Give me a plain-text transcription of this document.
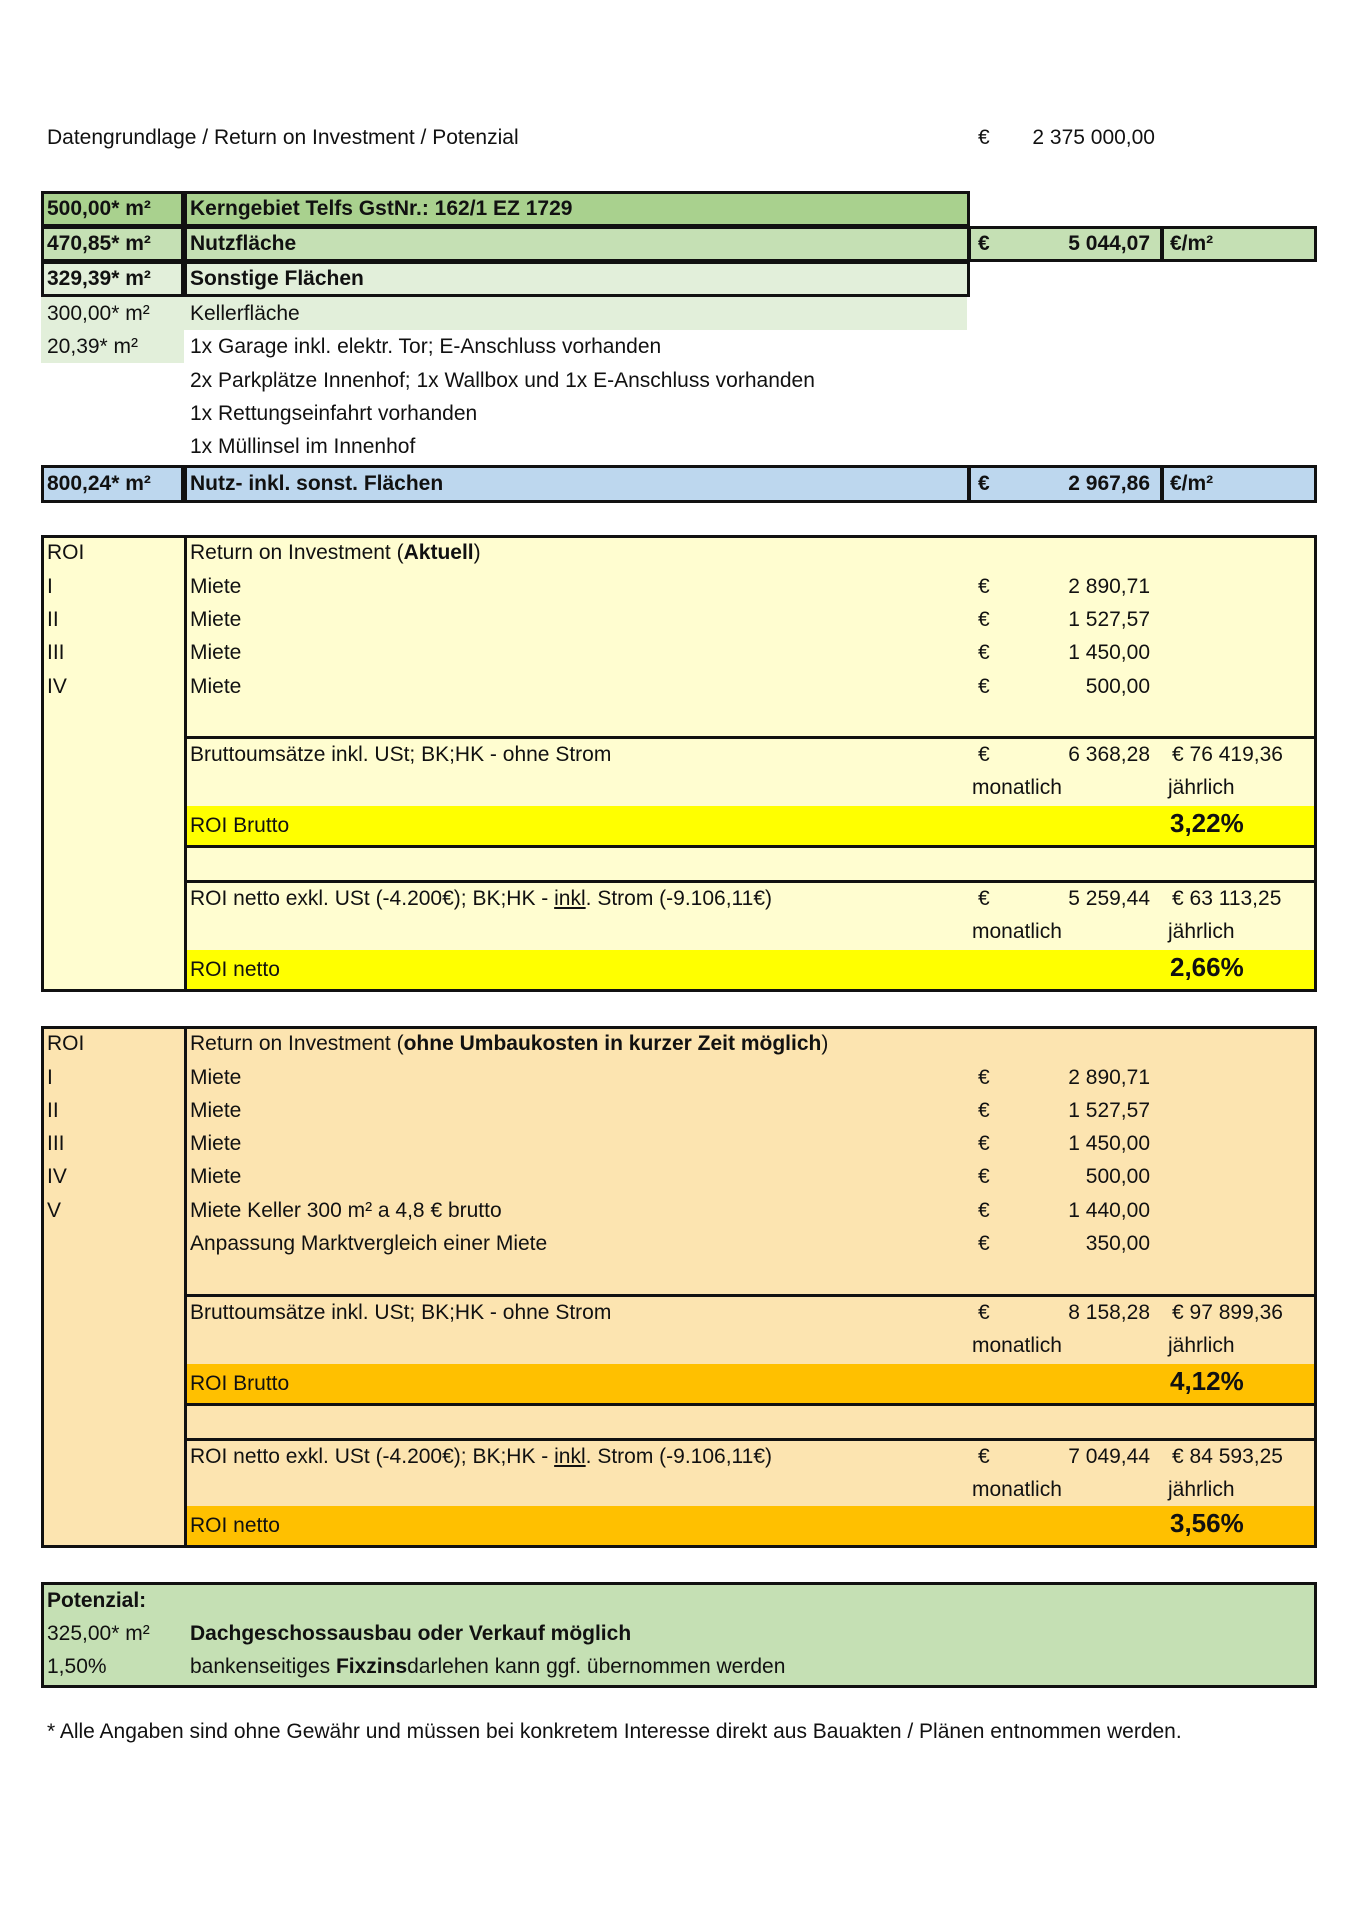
Datengrundlage / Return on Investment / Potenzial	€	2 375 000,00
500,00* m² Kerngebiet Telfs GstNr.: 162/1 EZ 1729
470,85* m² Nutzfläche	€	5 044,07 €/m²
329,39* m² Sonstige Flächen
300,00* m² Kellerfläche
20,39* m² 1x Garage inkl. elektr. Tor; E-Anschluss vorhanden
2x Parkplätze Innenhof; 1x Wallbox und 1x E-Anschluss vorhanden
1x Rettungseinfahrt vorhanden
1x Müllinsel im Innenhof
800,24* m² Nutz- inkl. sonst. Flächen	€	2 967,86 €/m²
ROI	Return on Investment (Aktuell)
I	Miete	€	2 890,71
II	Miete	€	1 527,57
III	Miete	€	1 450,00
IV	Miete	€	500,00
Bruttoumsätze inkl. USt; BK;HK - ohne Strom	€	6 368,28 € 76 419,36
monatlich	jährlich
ROI Brutto	3,22%
ROI netto exkl. USt (-4.200€); BK;HK - inkl. Strom (-9.106,11€)	€	5 259,44 € 63 113,25
monatlich	jährlich
ROI netto	2,66%
ROI	Return on Investment (ohne Umbaukosten in kurzer Zeit möglich)
I	Miete	€	2 890,71
II	Miete	€	1 527,57
III	Miete	€	1 450,00
IV	Miete	€	500,00
V	Miete Keller 300 m² a 4,8 € brutto	€	1 440,00
Anpassung Marktvergleich einer Miete	€	350,00
Bruttoumsätze inkl. USt; BK;HK - ohne Strom	€	8 158,28 € 97 899,36
monatlich	jährlich
ROI Brutto	4,12%
ROI netto exkl. USt (-4.200€); BK;HK - inkl. Strom (-9.106,11€)	€	7 049,44 € 84 593,25
monatlich	jährlich
ROI netto	3,56%
Potenzial:
325,00* m² Dachgeschossausbau oder Verkauf möglich
1,50%	bankenseitiges Fixzinsdarlehen kann ggf. übernommen werden
* Alle Angaben sind ohne Gewähr und müssen bei konkretem Interesse direkt aus Bauakten / Plänen entnommen werden.
